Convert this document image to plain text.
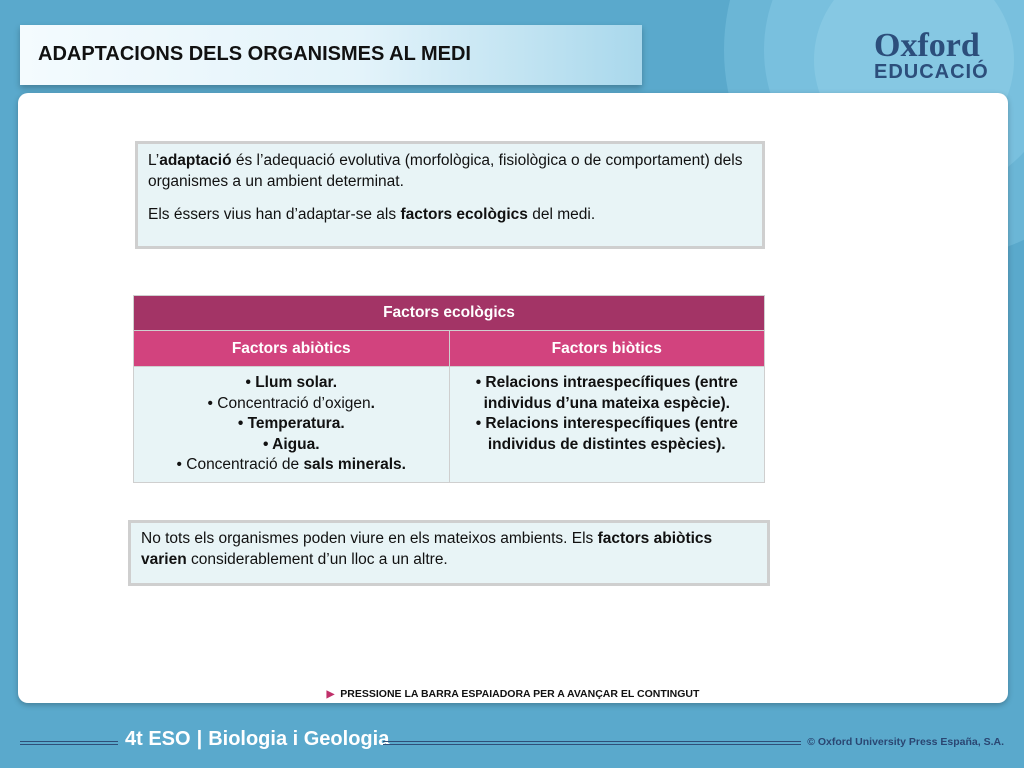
ADAPTACIONS DELS ORGANISMES AL MEDI	Oxford
EDUCACIÓ

L’adaptació és l’adequació evolutiva (morfològica, fisiològica o de comportament) dels organismes a un ambient determinat.

Els éssers vius han d’adaptar-se als factors ecològics del medi.

Factors ecològics	
Factors abiòtics	Factors biòtics

• Llum solar.
• Concentració d’oxigen.
• Temperatura.
• Aigua.
• Concentració de sals minerals.	• Relacions intraespecífiques (entre individus d’una mateixa espècie).
• Relacions interespecífiques (entre individus de distintes espècies).

No tots els organismes poden viure en els mateixos ambients. Els factors abiòtics varien considerablement d’un lloc a un altre.

▶ PRESSIONE LA BARRA ESPAIADORA PER A AVANÇAR EL CONTINGUT
4t ESO | Biologia i Geologia	© Oxford University Press España, S.A.
